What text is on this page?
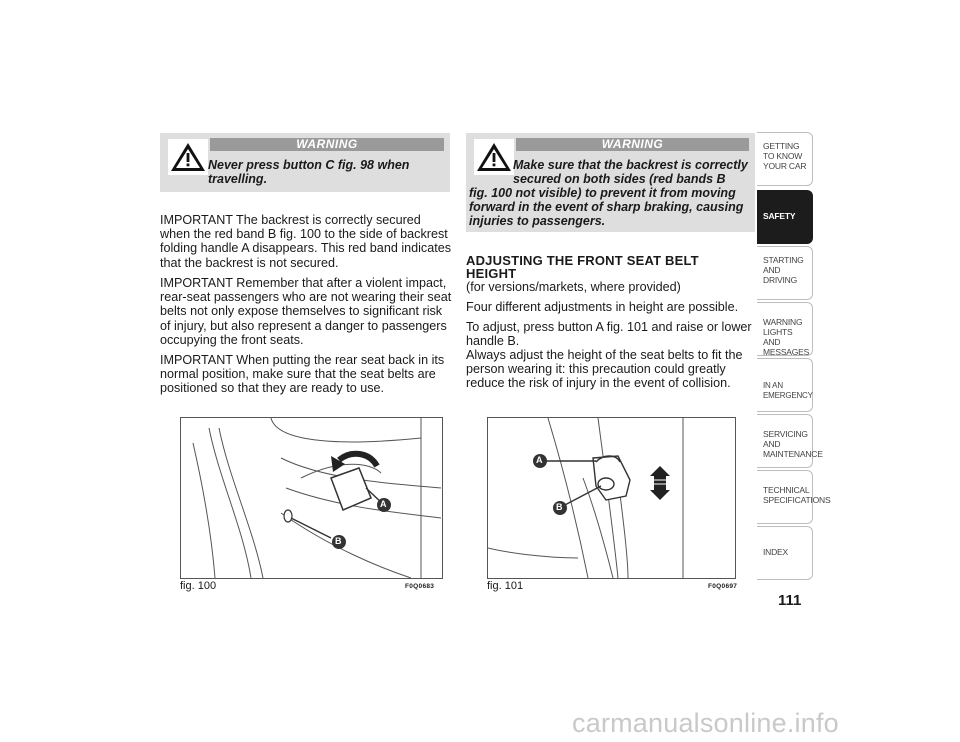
WARNING
Never press button C fig. 98 when travelling.
WARNING
Make sure that the backrest is correctly
secured on both sides (red bands B
fig. 100 not visible) to prevent it from moving
forward in the event of sharp braking, causing
injuries to passengers.

IMPORTANT The backrest is correctly secured when the red band B fig. 100 to the side of backrest folding handle A disappears. This red band indicates that the backrest is not secured.

IMPORTANT Remember that after a violent impact, rear-seat passengers who are not wearing their seat belts not only expose themselves to significant risk of injury, but also represent a danger to passengers occupying the front seats.

IMPORTANT When putting the rear seat back in its normal position, make sure that the seat belts are positioned so that they are ready to use.

ADJUSTING THE FRONT SEAT BELT
HEIGHT

(for versions/markets, where provided)

Four different adjustments in height are possible.

To adjust, press button A fig. 101 and raise or lower handle B.

Always adjust the height of the seat belts to fit the person wearing it: this precaution could greatly reduce the risk of injury in the event of collision.

A
B
fig. 100	F0Q0683
A
B
fig. 101	F0Q0697
GETTING TO KNOW YOUR CAR
SAFETY
STARTING AND DRIVING
WARNING LIGHTS AND MESSAGES
IN AN EMERGENCY
SERVICING AND MAINTENANCE
TECHNICAL SPECIFICATIONS
INDEX
111
carmanualsonline.info
